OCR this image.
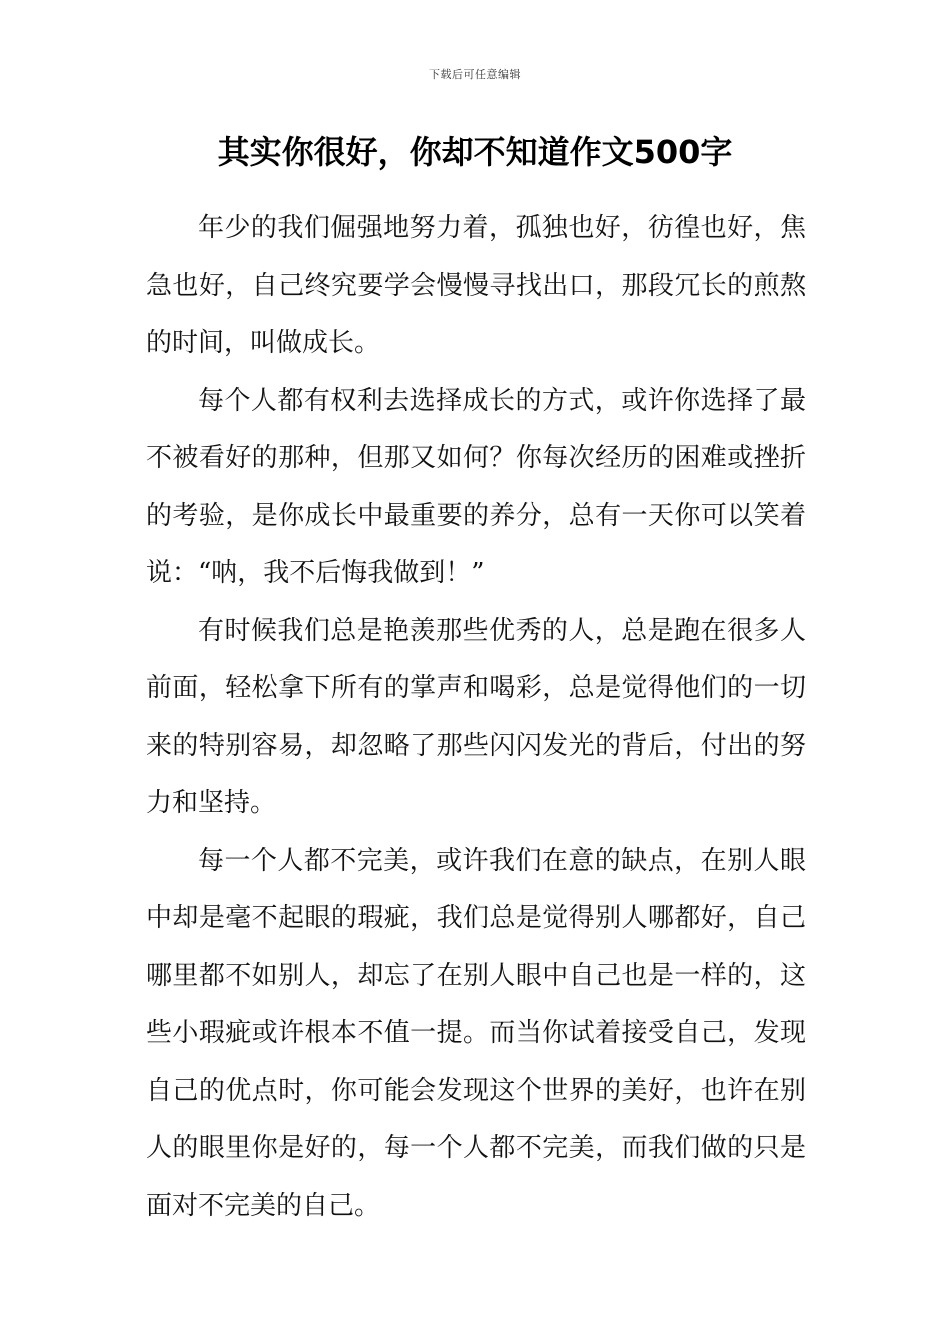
下载后可任意编辑
其实你很好，你却不知道作文500字

年少的我们倔强地努力着，孤独也好，彷徨也好，焦急也好，自己终究要学会慢慢寻找出口，那段冗长的煎熬的时间，叫做成长。

每个人都有权利去选择成长的方式，或许你选择了最不被看好的那种，但那又如何？你每次经历的困难或挫折的考验，是你成长中最重要的养分，总有一天你可以笑着说：“呐，我不后悔我做到！”

有时候我们总是艳羡那些优秀的人，总是跑在很多人前面，轻松拿下所有的掌声和喝彩，总是觉得他们的一切来的特别容易，却忽略了那些闪闪发光的背后，付出的努力和坚持。

每一个人都不完美，或许我们在意的缺点，在别人眼中却是毫不起眼的瑕疵，我们总是觉得别人哪都好，自己哪里都不如别人，却忘了在别人眼中自己也是一样的，这些小瑕疵或许根本不值一提。而当你试着接受自己，发现自己的优点时，你可能会发现这个世界的美好，也许在别人的眼里你是好的，每一个人都不完美，而我们做的只是面对不完美的自己。
